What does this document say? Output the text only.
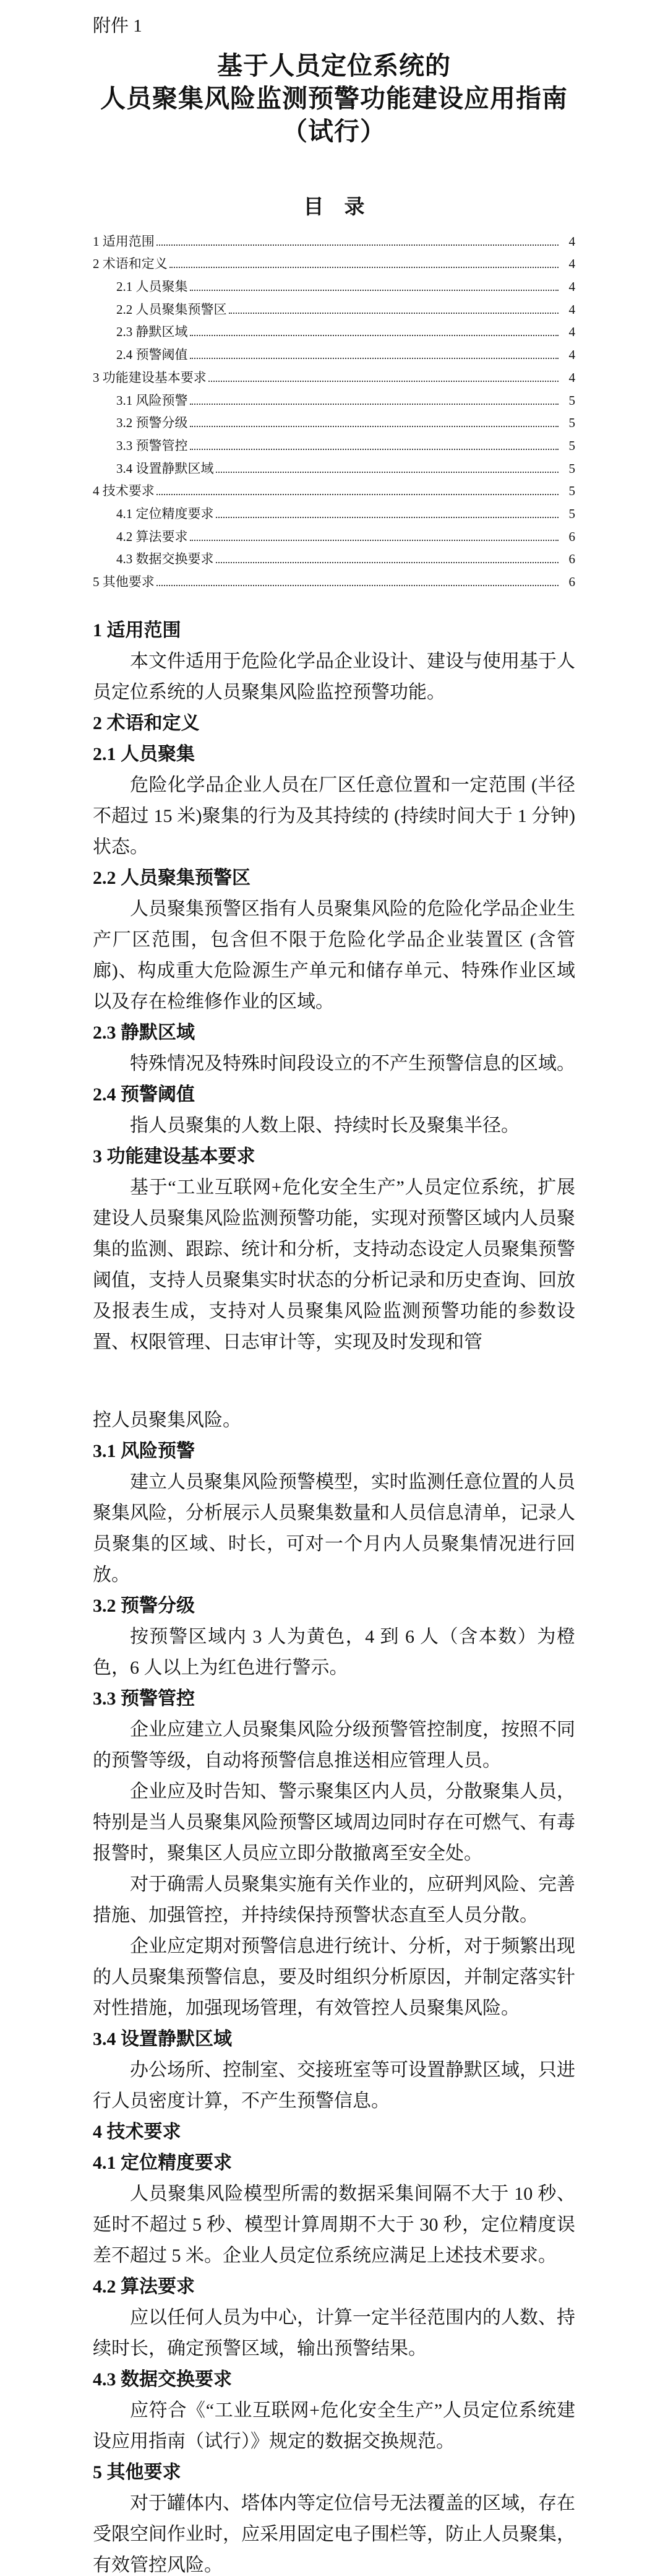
附件 1
基于人员定位系统的
人员聚集风险监测预警功能建设应用指南
（试行）
目　录
1 适用范围	4
2 术语和定义	4
2.1 人员聚集	4
2.2 人员聚集预警区	4
2.3 静默区域	4
2.4 预警阈值	4
3 功能建设基本要求	4
3.1 风险预警	5
3.2 预警分级	5
3.3 预警管控	5
3.4 设置静默区域	5
4 技术要求	5
4.1 定位精度要求	5
4.2 算法要求	6
4.3 数据交换要求	6
5 其他要求	6
1 适用范围

本文件适用于危险化学品企业设计、建设与使用基于人员定位系统的人员聚集风险监控预警功能。

2 术语和定义
2.1 人员聚集

危险化学品企业人员在厂区任意位置和一定范围 (半径不超过 15 米)聚集的行为及其持续的 (持续时间大于 1 分钟)状态。

2.2 人员聚集预警区

人员聚集预警区指有人员聚集风险的危险化学品企业生产厂区范围，包含但不限于危险化学品企业装置区 (含管廊)、构成重大危险源生产单元和储存单元、特殊作业区域以及存在检维修作业的区域。

2.3 静默区域

特殊情况及特殊时间段设立的不产生预警信息的区域。

2.4 预警阈值

指人员聚集的人数上限、持续时长及聚集半径。

3 功能建设基本要求

基于“工业互联网+危化安全生产”人员定位系统，扩展建设人员聚集风险监测预警功能，实现对预警区域内人员聚集的监测、跟踪、统计和分析，支持动态设定人员聚集预警阈值，支持人员聚集实时状态的分析记录和历史查询、回放及报表生成，支持对人员聚集风险监测预警功能的参数设置、权限管理、日志审计等，实现及时发现和管

控人员聚集风险。

3.1 风险预警

建立人员聚集风险预警模型，实时监测任意位置的人员聚集风险，分析展示人员聚集数量和人员信息清单，记录人员聚集的区域、时长，可对一个月内人员聚集情况进行回放。

3.2 预警分级

按预警区域内 3 人为黄色，4 到 6 人（含本数）为橙色，6 人以上为红色进行警示。

3.3 预警管控

企业应建立人员聚集风险分级预警管控制度，按照不同的预警等级，自动将预警信息推送相应管理人员。

企业应及时告知、警示聚集区内人员，分散聚集人员，特别是当人员聚集风险预警区域周边同时存在可燃气、有毒报警时，聚集区人员应立即分散撤离至安全处。

对于确需人员聚集实施有关作业的，应研判风险、完善措施、加强管控，并持续保持预警状态直至人员分散。

企业应定期对预警信息进行统计、分析，对于频繁出现的人员聚集预警信息，要及时组织分析原因，并制定落实针对性措施，加强现场管理，有效管控人员聚集风险。

3.4 设置静默区域

办公场所、控制室、交接班室等可设置静默区域，只进行人员密度计算，不产生预警信息。

4 技术要求
4.1 定位精度要求

人员聚集风险模型所需的数据采集间隔不大于 10 秒、延时不超过 5 秒、模型计算周期不大于 30 秒，定位精度误差不超过 5 米。企业人员定位系统应满足上述技术要求。

4.2 算法要求

应以任何人员为中心，计算一定半径范围内的人数、持续时长，确定预警区域，输出预警结果。

4.3 数据交换要求

应符合《“工业互联网+危化安全生产”人员定位系统建设应用指南（试行）》规定的数据交换规范。

5 其他要求

对于罐体内、塔体内等定位信号无法覆盖的区域，存在受限空间作业时，应采用固定电子围栏等，防止人员聚集，有效管控风险。
